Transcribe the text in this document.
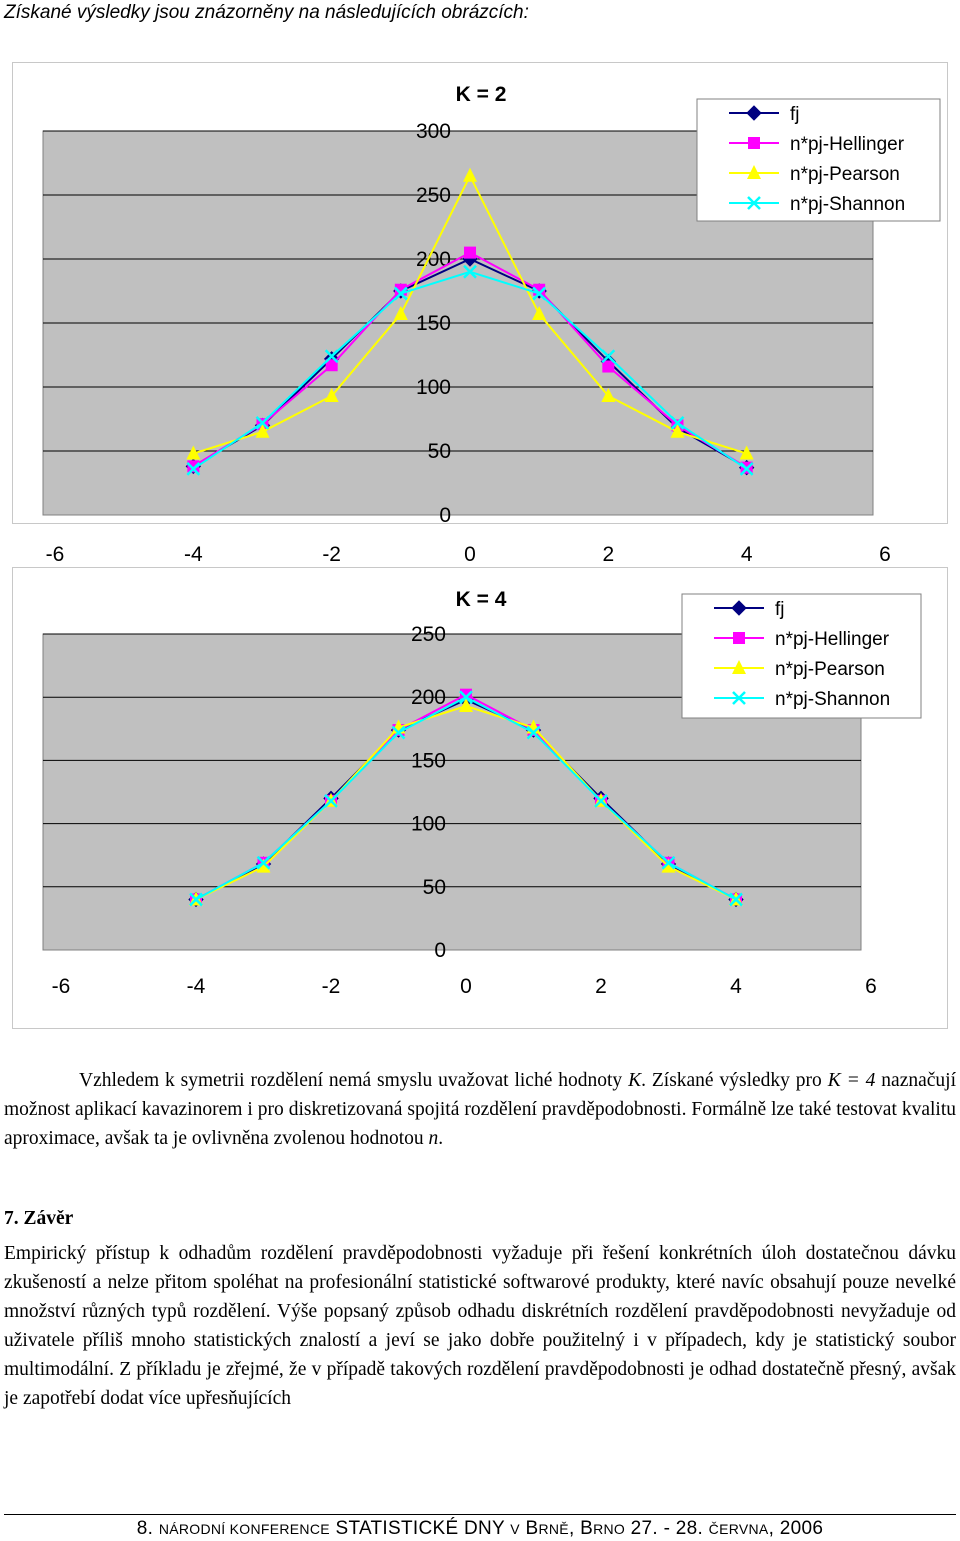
Získané výsledky jsou znázorněny na následujících obrázcích:
0
50
100
150
200
250
300
-6	-4	-2	0	2	4	6
K = 2
fj
n*pj-Hellinger
n*pj-Pearson
n*pj-Shannon
0
50
100
150
200
250
-6	-4	-2	0	2	4	6
K = 4	fj
n*pj-Hellinger
n*pj-Pearson
n*pj-Shannon

Vzhledem k symetrii rozdělení nemá smyslu uvažovat liché hodnoty K. Získané výsledky pro K = 4 naznačují možnost aplikací kavazinorem i pro diskretizovaná spojitá rozdělení pravděpodobnosti. Formálně lze také testovat kvalitu aproximace, avšak ta je ovlivněna zvolenou hodnotou n.

7. Závěr

Empirický přístup k odhadům rozdělení pravděpodobnosti vyžaduje při řešení konkrétních úloh dostatečnou dávku zkušeností a nelze přitom spoléhat na profesionální statistické softwarové produkty, které navíc obsahují pouze nevelké množství různých typů rozdělení. Výše popsaný způsob odhadu diskrétních rozdělení pravděpodobnosti nevyžaduje od uživatele příliš mnoho statistických znalostí a jeví se jako dobře použitelný i v případech, kdy je statistický soubor multimodální. Z příkladu je zřejmé, že v případě takových rozdělení pravděpodobnosti je odhad dostatečně přesný, avšak je zapotřebí dodat více upřesňujících

8. NÁRODNÍ KONFERENCE STATISTICKÉ DNY V BRNĚ, BRNO 27. - 28. ČERVNA, 2006
